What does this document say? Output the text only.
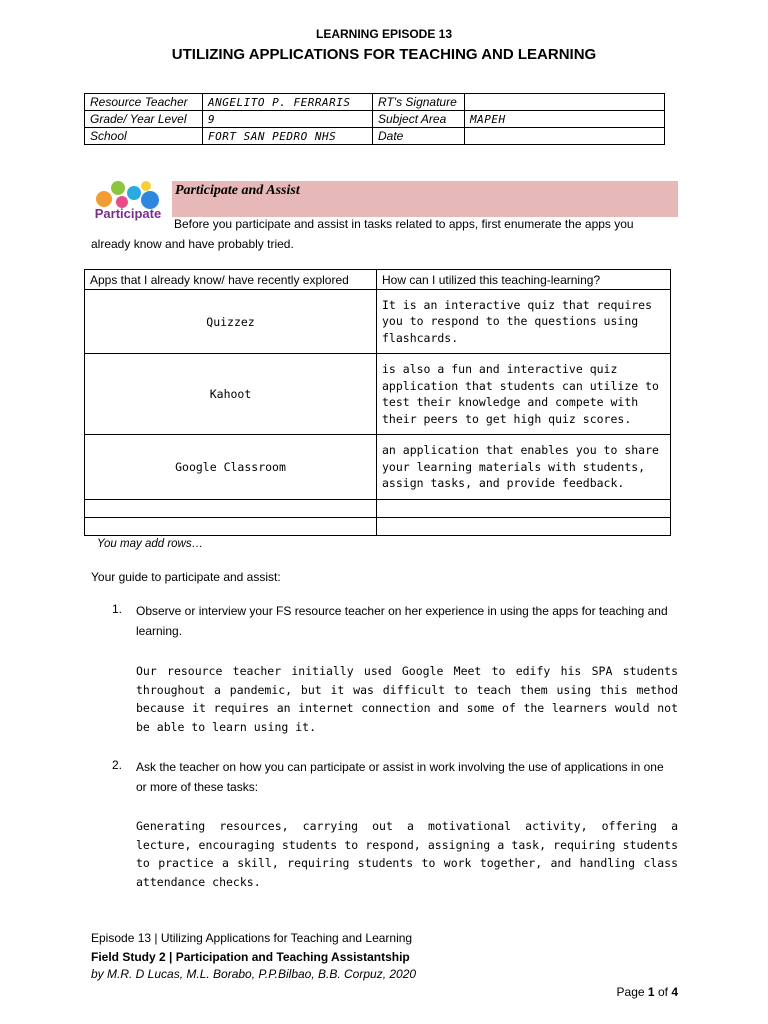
LEARNING EPISODE 13
UTILIZING APPLICATIONS FOR TEACHING AND LEARNING
Resource Teacher	ANGELITO P. FERRARIS	RT's Signature	
Grade/ Year Level	9	Subject Area	MAPEH
School	FORT SAN PEDRO NHS	Date	
Participate
Participate and Assist
Before you participate and assist in tasks related to apps, first enumerate the apps you
already know and have probably tried.
Apps that I already know/ have recently explored	How can I utilized this teaching-learning?
Quizzez	It is an interactive quiz that requires you to respond to the questions using flashcards.
Kahoot	is also a fun and interactive quiz application that students can utilize to test their knowledge and compete with their peers to get high quiz scores.
Google Classroom	an application that enables you to share your learning materials with students, assign tasks, and provide feedback.

You may add rows…
Your guide to participate and assist:
1. Observe or interview your FS resource teacher on her experience in using the apps for teaching and learning.
Our resource teacher initially used Google Meet to edify his SPA students throughout a pandemic, but it was difficult to teach them using this method because it requires an internet connection and some of the learners would not be able to learn using it.
2. Ask the teacher on how you can participate or assist in work involving the use of applications in one or more of these tasks:
Generating resources, carrying out a motivational activity, offering a lecture, encouraging students to respond, assigning a task, requiring students to practice a skill, requiring students to work together, and handling class attendance checks.
Episode 13 | Utilizing Applications for Teaching and Learning
Field Study 2 | Participation and Teaching Assistantship
by M.R. D Lucas, M.L. Borabo, P.P.Bilbao, B.B. Corpuz, 2020
Page 1 of 4
